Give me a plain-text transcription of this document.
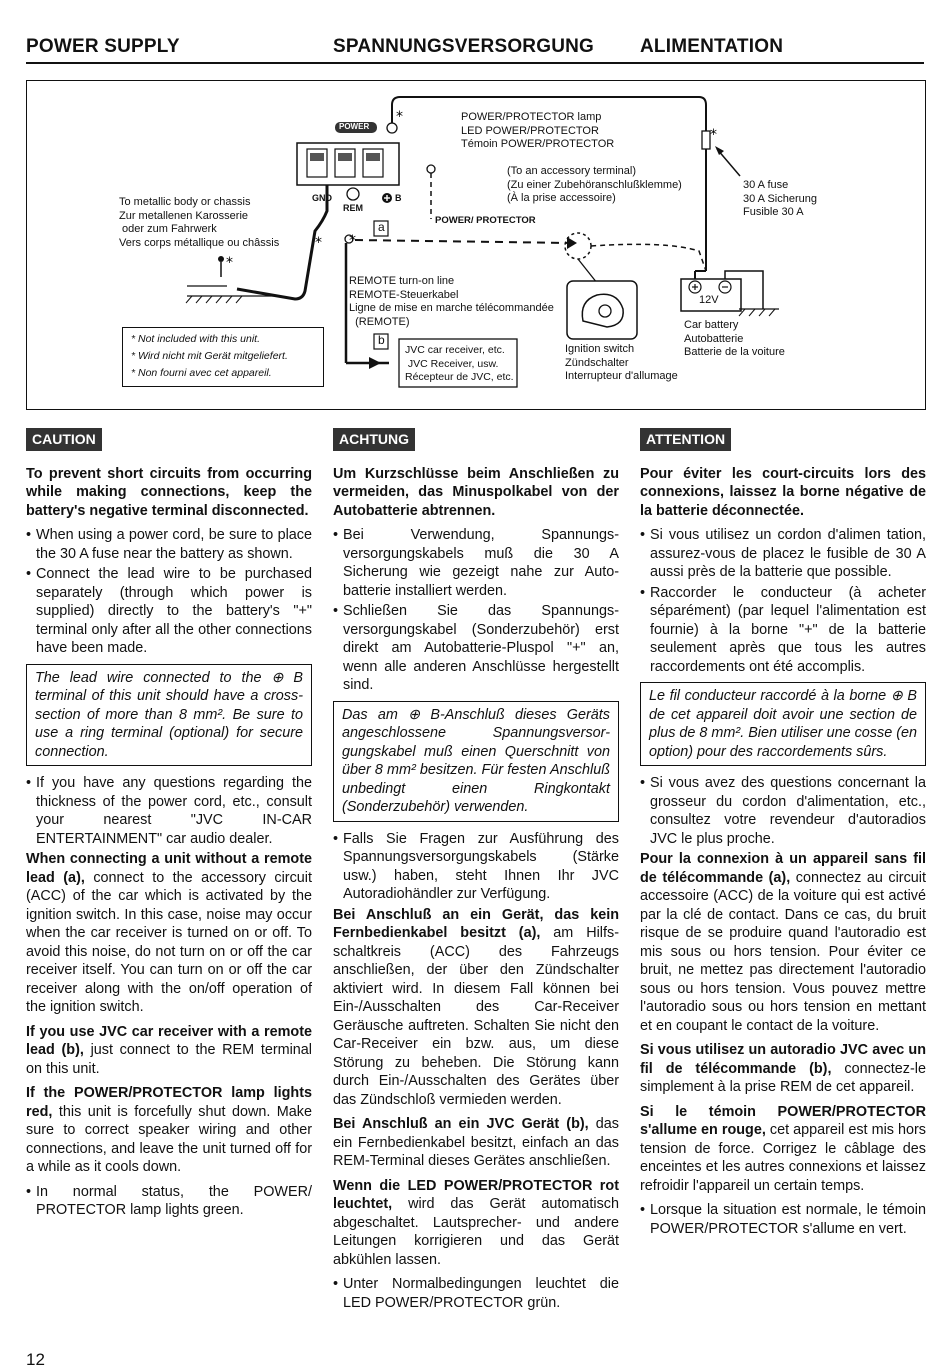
POWER SUPPLY	SPANNUNGSVERSORGUNG ALIMENTATION
*
*
* *
*
POWER
POWER/PROTECTOR lamp
LED POWER/PROTECTOR
Témoin POWER/PROTECTOR
(To an accessory terminal)
(Zu einer Zubehöranschlußklemme)
(À la prise accessoire)
30 A fuse
30 A Sicherung
Fusible 30 A
To metallic body or chassis
Zur metallenen Karosserie
oder zum Fahrwerk
Vers corps métallique ou châssis
GND
REM
B
POWER/ PROTECTOR
a
b
REMOTE turn-on line
REMOTE-Steuerkabel
Ligne de mise en marche télécommandée
(REMOTE)
JVC car receiver, etc.
JVC Receiver, usw.
Récepteur de JVC, etc.
Ignition switch
Zündschalter
Interrupteur d'allumage
12V
Car battery
Autobatterie
Batterie de la voiture
* Not included with this unit.
* Wird nicht mit Gerät mitgeliefert.
* Non fourni avec cet appareil.
CAUTION

To prevent short circuits from occurring while making connections, keep the battery's negative terminal disconnected.

• When using a power cord, be sure to place the 30 A fuse near the battery as shown.
• Connect the lead wire to be purchased separately (through which power is supplied) directly to the battery's "+" terminal only after all the other connections have been made.
The lead wire connected to the ⊕ B terminal of this unit should have a cross-section of more than 8 mm². Be sure to use a ring terminal (optional) for secure connection.
• If you have any questions regarding the thickness of the power cord, etc., consult your nearest "JVC IN-CAR ENTERTAINMENT" car audio dealer.

When connecting a unit without a remote lead (a), connect to the accessory circuit (ACC) of the car which is activated by the ignition switch. In this case, noise may occur when the car receiver is turned on or off. To avoid this noise, do not turn on or off the car receiver itself. You can turn on or off the car receiver along with the on/off operation of the ignition switch.

If you use JVC car receiver with a remote lead (b), just connect to the REM terminal on this unit.

If the POWER/PROTECTOR lamp lights red, this unit is forcefully shut down. Make sure to correct speaker wiring and other connections, and leave the unit turned off for a while as it cools down.

• In normal status, the POWER/ PROTECTOR lamp lights green.
ACHTUNG

Um Kurzschlüsse beim Anschließen zu vermeiden, das Minuspolkabel von der Autobatterie abtrennen.

• Bei Verwendung, Spannungs-versorgungskabels muß die 30 A Sicherung wie gezeigt nahe zur Auto-batterie installiert werden.
• Schließen Sie das Spannungs-versorgungskabel (Sonderzubehör) erst direkt am Autobatterie-Pluspol "+" an, wenn alle anderen Anschlüsse hergestellt sind.
Das am ⊕ B-Anschluß dieses Geräts angeschlossene Spannungsversor-gungskabel muß einen Querschnitt von über 8 mm² besitzen. Für festen Anschluß unbedingt einen Ringkontakt (Sonderzubehör) verwenden.
• Falls Sie Fragen zur Ausführung des Spannungsversorgungskabels (Stärke usw.) haben, steht Ihnen Ihr JVC Autoradiohändler zur Verfügung.

Bei Anschluß an ein Gerät, das kein Fernbedienkabel besitzt (a), am Hilfs-schaltkreis (ACC) des Fahrzeugs anschließen, der über den Zündschalter aktiviert wird. In diesem Fall können bei Ein-/Ausschalten des Car-Receiver Geräusche auftreten. Schalten Sie nicht den Car-Receiver ein bzw. aus, um diese Störung zu beheben. Die Störung kann durch Ein-/Ausschalten des Gerätes über das Zündschloß vermieden werden.

Bei Anschluß an ein JVC Gerät (b), das ein Fernbedienkabel besitzt, einfach an das REM-Terminal dieses Gerätes anschließen.

Wenn die LED POWER/PROTECTOR rot leuchtet, wird das Gerät automatisch abgeschaltet. Lautsprecher- und andere Leitungen korrigieren und das Gerät abkühlen lassen.

• Unter Normalbedingungen leuchtet die LED POWER/PROTECTOR grün.
ATTENTION

Pour éviter les court-circuits lors des connexions, laissez la borne négative de la batterie déconnectée.

• Si vous utilisez un cordon d'alimen tation, assurez-vous de placez le fusible de 30 A aussi près de la batterie que possible.
• Raccorder le conducteur (à acheter séparément) (par lequel l'alimentation est fournie) à la borne "+" de la batterie seulement après que tous les autres raccordements ont été accomplis.
Le fil conducteur raccordé à la borne ⊕ B de cet appareil doit avoir une section de plus de 8 mm². Bien utiliser une cosse (en option) pour des raccordements sûrs.
• Si vous avez des questions concernant la grosseur du cordon d'alimentation, etc., consultez votre revendeur d'autoradios JVC le plus proche.

Pour la connexion à un appareil sans fil de télécommande (a), connectez au circuit accessoire (ACC) de la voiture qui est activé par la clé de contact. Dans ce cas, du bruit risque de se produire quand l'autoradio est mis sous ou hors tension. Pour éviter ce bruit, ne mettez pas directement l'autoradio sous ou hors tension. Vous pouvez mettre l'autoradio sous ou hors tension en mettant et en coupant le contact de la voiture.

Si vous utilisez un autoradio JVC avec un fil de télécommande (b), connectez-le simplement à la prise REM de cet appareil.

Si le témoin POWER/PROTECTOR s'allume en rouge, cet appareil est mis hors tension de force. Corrigez le câblage des enceintes et les autres connexions et laissez refroidir l'appareil un certain temps.

• Lorsque la situation est normale, le témoin POWER/PROTECTOR s'allume en vert.
12
